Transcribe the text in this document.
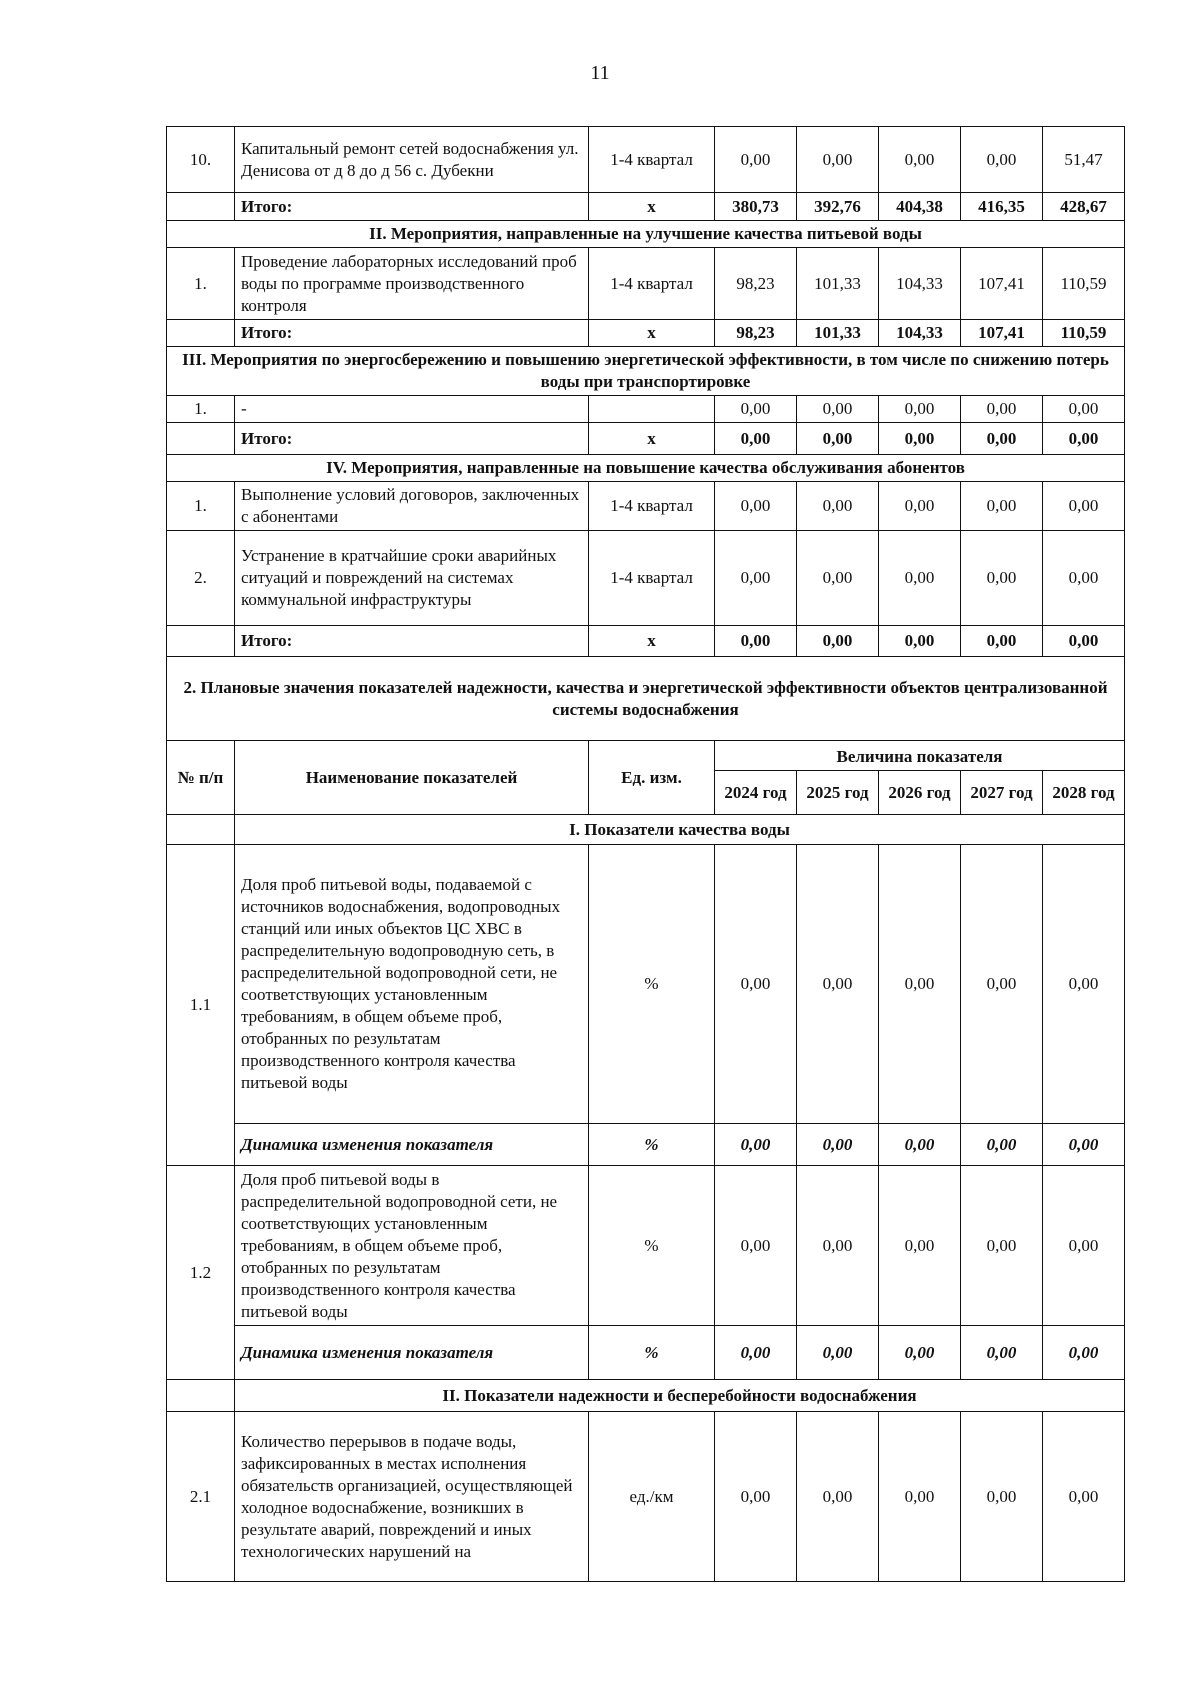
11
10.	Капитальный ремонт сетей водоснабжения ул. Денисова от д 8 до д 56 с. Дубекни	1-4 квартал	0,00	0,00	0,00	0,00	51,47
	Итого:	х	380,73	392,76	404,38	416,35	428,67
II. Мероприятия, направленные на улучшение качества питьевой воды							
1.	Проведение лабораторных исследований проб воды по программе производственного контроля	1-4 квартал	98,23	101,33	104,33	107,41	110,59
	Итого:	х	98,23	101,33	104,33	107,41	110,59
III. Мероприятия по энергосбережению и повышению энергетической эффективности, в том числе по снижению потерь воды при транспортировке							
1.	-		0,00	0,00	0,00	0,00	0,00
	Итого:	х	0,00	0,00	0,00	0,00	0,00
IV. Мероприятия, направленные на повышение качества обслуживания абонентов							
1.	Выполнение условий договоров, заключенных с абонентами	1-4 квартал	0,00	0,00	0,00	0,00	0,00
2.	Устранение в кратчайшие сроки аварийных ситуаций и повреждений на системах коммунальной инфраструктуры	1-4 квартал	0,00	0,00	0,00	0,00	0,00
	Итого:	х	0,00	0,00	0,00	0,00	0,00
2. Плановые значения показателей надежности, качества и энергетической эффективности объектов централизованной системы водоснабжения							
№ п/п	Наименование показателей	Ед. изм.	Величина показателя				
			2024 год	2025 год	2026 год	2027 год	2028 год
	I. Показатели качества воды						
1.1	Доля проб питьевой воды, подаваемой с источников водоснабжения, водопроводных станций или иных объектов ЦС ХВС в распределительную водопроводную сеть, в распределительной водопроводной сети, не соответствующих установленным требованиям, в общем объеме проб, отобранных по результатам производственного контроля качества питьевой воды	%	0,00	0,00	0,00	0,00	0,00
	Динамика изменения показателя	%	0,00	0,00	0,00	0,00	0,00
1.2	Доля проб питьевой воды в распределительной водопроводной сети, не соответствующих установленным требованиям, в общем объеме проб, отобранных по результатам производственного контроля качества питьевой воды	%	0,00	0,00	0,00	0,00	0,00
	Динамика изменения показателя	%	0,00	0,00	0,00	0,00	0,00
	II. Показатели надежности и бесперебойности водоснабжения						
2.1	Количество перерывов в подаче воды, зафиксированных в местах исполнения обязательств организацией, осуществляющей холодное водоснабжение, возникших в результате аварий, повреждений и иных технологических нарушений на	ед./км	0,00	0,00	0,00	0,00	0,00
